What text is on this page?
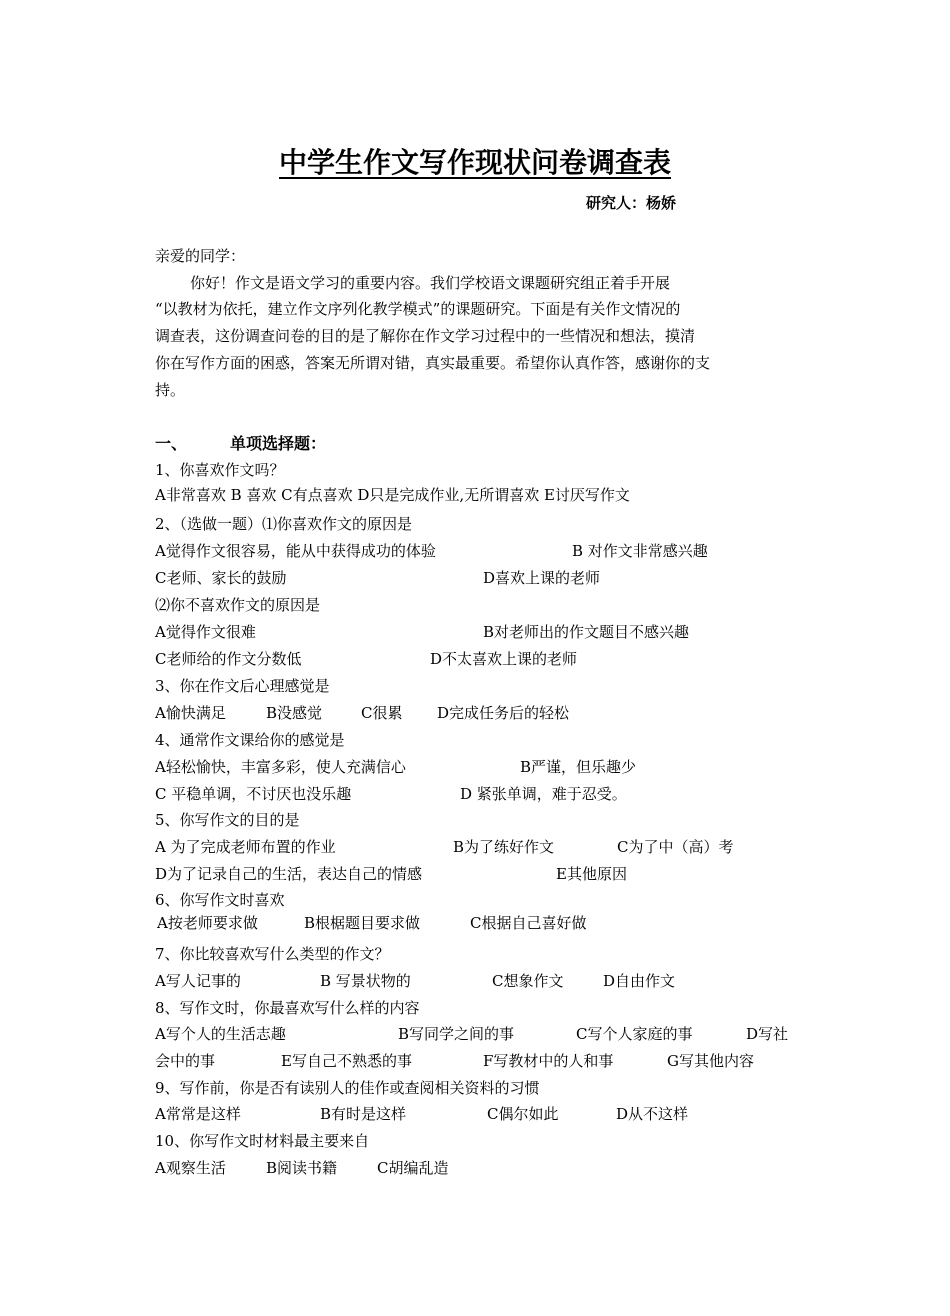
中学生作文写作现状问卷调查表
研究人：杨娇
亲爱的同学：
你好！作文是语文学习的重要内容。我们学校语文课题研究组正着手开展
“以教材为依托，建立作文序列化教学模式”的课题研究。下面是有关作文情况的
调查表，这份调查问卷的目的是了解你在作文学习过程中的一些情况和想法，摸清
你在写作方面的困惑，答案无所谓对错，真实最重要。希望你认真作答，感谢你的支
持。
一、	单项选择题：
1、你喜欢作文吗？
A非常喜欢 B 喜欢 C有点喜欢 D只是完成作业,无所谓喜欢 E讨厌写作文
2、（选做一题）⑴你喜欢作文的原因是
A觉得作文很容易，能从中获得成功的体验	B 对作文非常感兴趣
C老师、家长的鼓励	D喜欢上课的老师
⑵你不喜欢作文的原因是
A觉得作文很难	B对老师出的作文题目不感兴趣
C老师给的作文分数低	D不太喜欢上课的老师
3、你在作文后心理感觉是
A愉快满足	B没感觉	C很累 D完成任务后的轻松
4、通常作文课给你的感觉是
A轻松愉快，丰富多彩，使人充满信心	B严谨，但乐趣少
C 平稳单调，不讨厌也没乐趣	D 紧张单调，难于忍受。
5、你写作文的目的是
A 为了完成老师布置的作业	B为了练好作文	C为了中（高）考
D为了记录自己的生活，表达自己的情感	E其他原因
6、你写作文时喜欢
A按老师要求做	B根椐题目要求做	C根据自己喜好做
7、你比较喜欢写什么类型的作文？
A写人记事的	B 写景状物的	C想象作文	D自由作文
8、写作文时，你最喜欢写什么样的内容
A写个人的生活志趣	B写同学之间的事	C写个人家庭的事	D写社
会中的事	E写自己不熟悉的事	F写教材中的人和事	G写其他内容
9、写作前，你是否有读别人的佳作或查阅相关资料的习惯
A常常是这样	B有时是这样	C偶尔如此	D从不这样
10、你写作文时材料最主要来自
A观察生活	B阅读书籍	C胡编乱造
